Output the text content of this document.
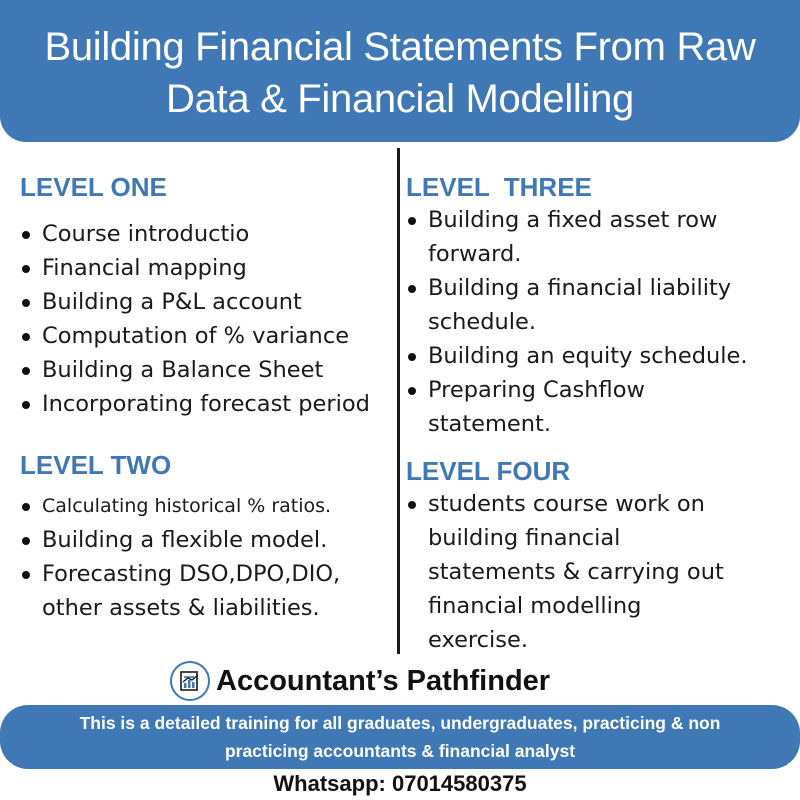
Building Financial Statements From Raw
Data & Financial Modelling
LEVEL ONE
Course introductio
Financial mapping
Building a P&L account
Computation of % variance
Building a Balance Sheet
Incorporating forecast period
LEVEL TWO
Calculating historical % ratios.
Building a flexible model.
Forecasting DSO,DPO,DIO,
other assets & liabilities.
LEVEL  THREE
Building a fixed asset row
forward.
Building a financial liability
schedule.
Building an equity schedule.
Preparing Cashflow
statement.
LEVEL FOUR
students course work on
building financial
statements & carrying out
financial modelling
exercise.
Accountant’s Pathfinder
This is a detailed training for all graduates, undergraduates, practicing & non
practicing accountants & financial analyst
Whatsapp: 07014580375
